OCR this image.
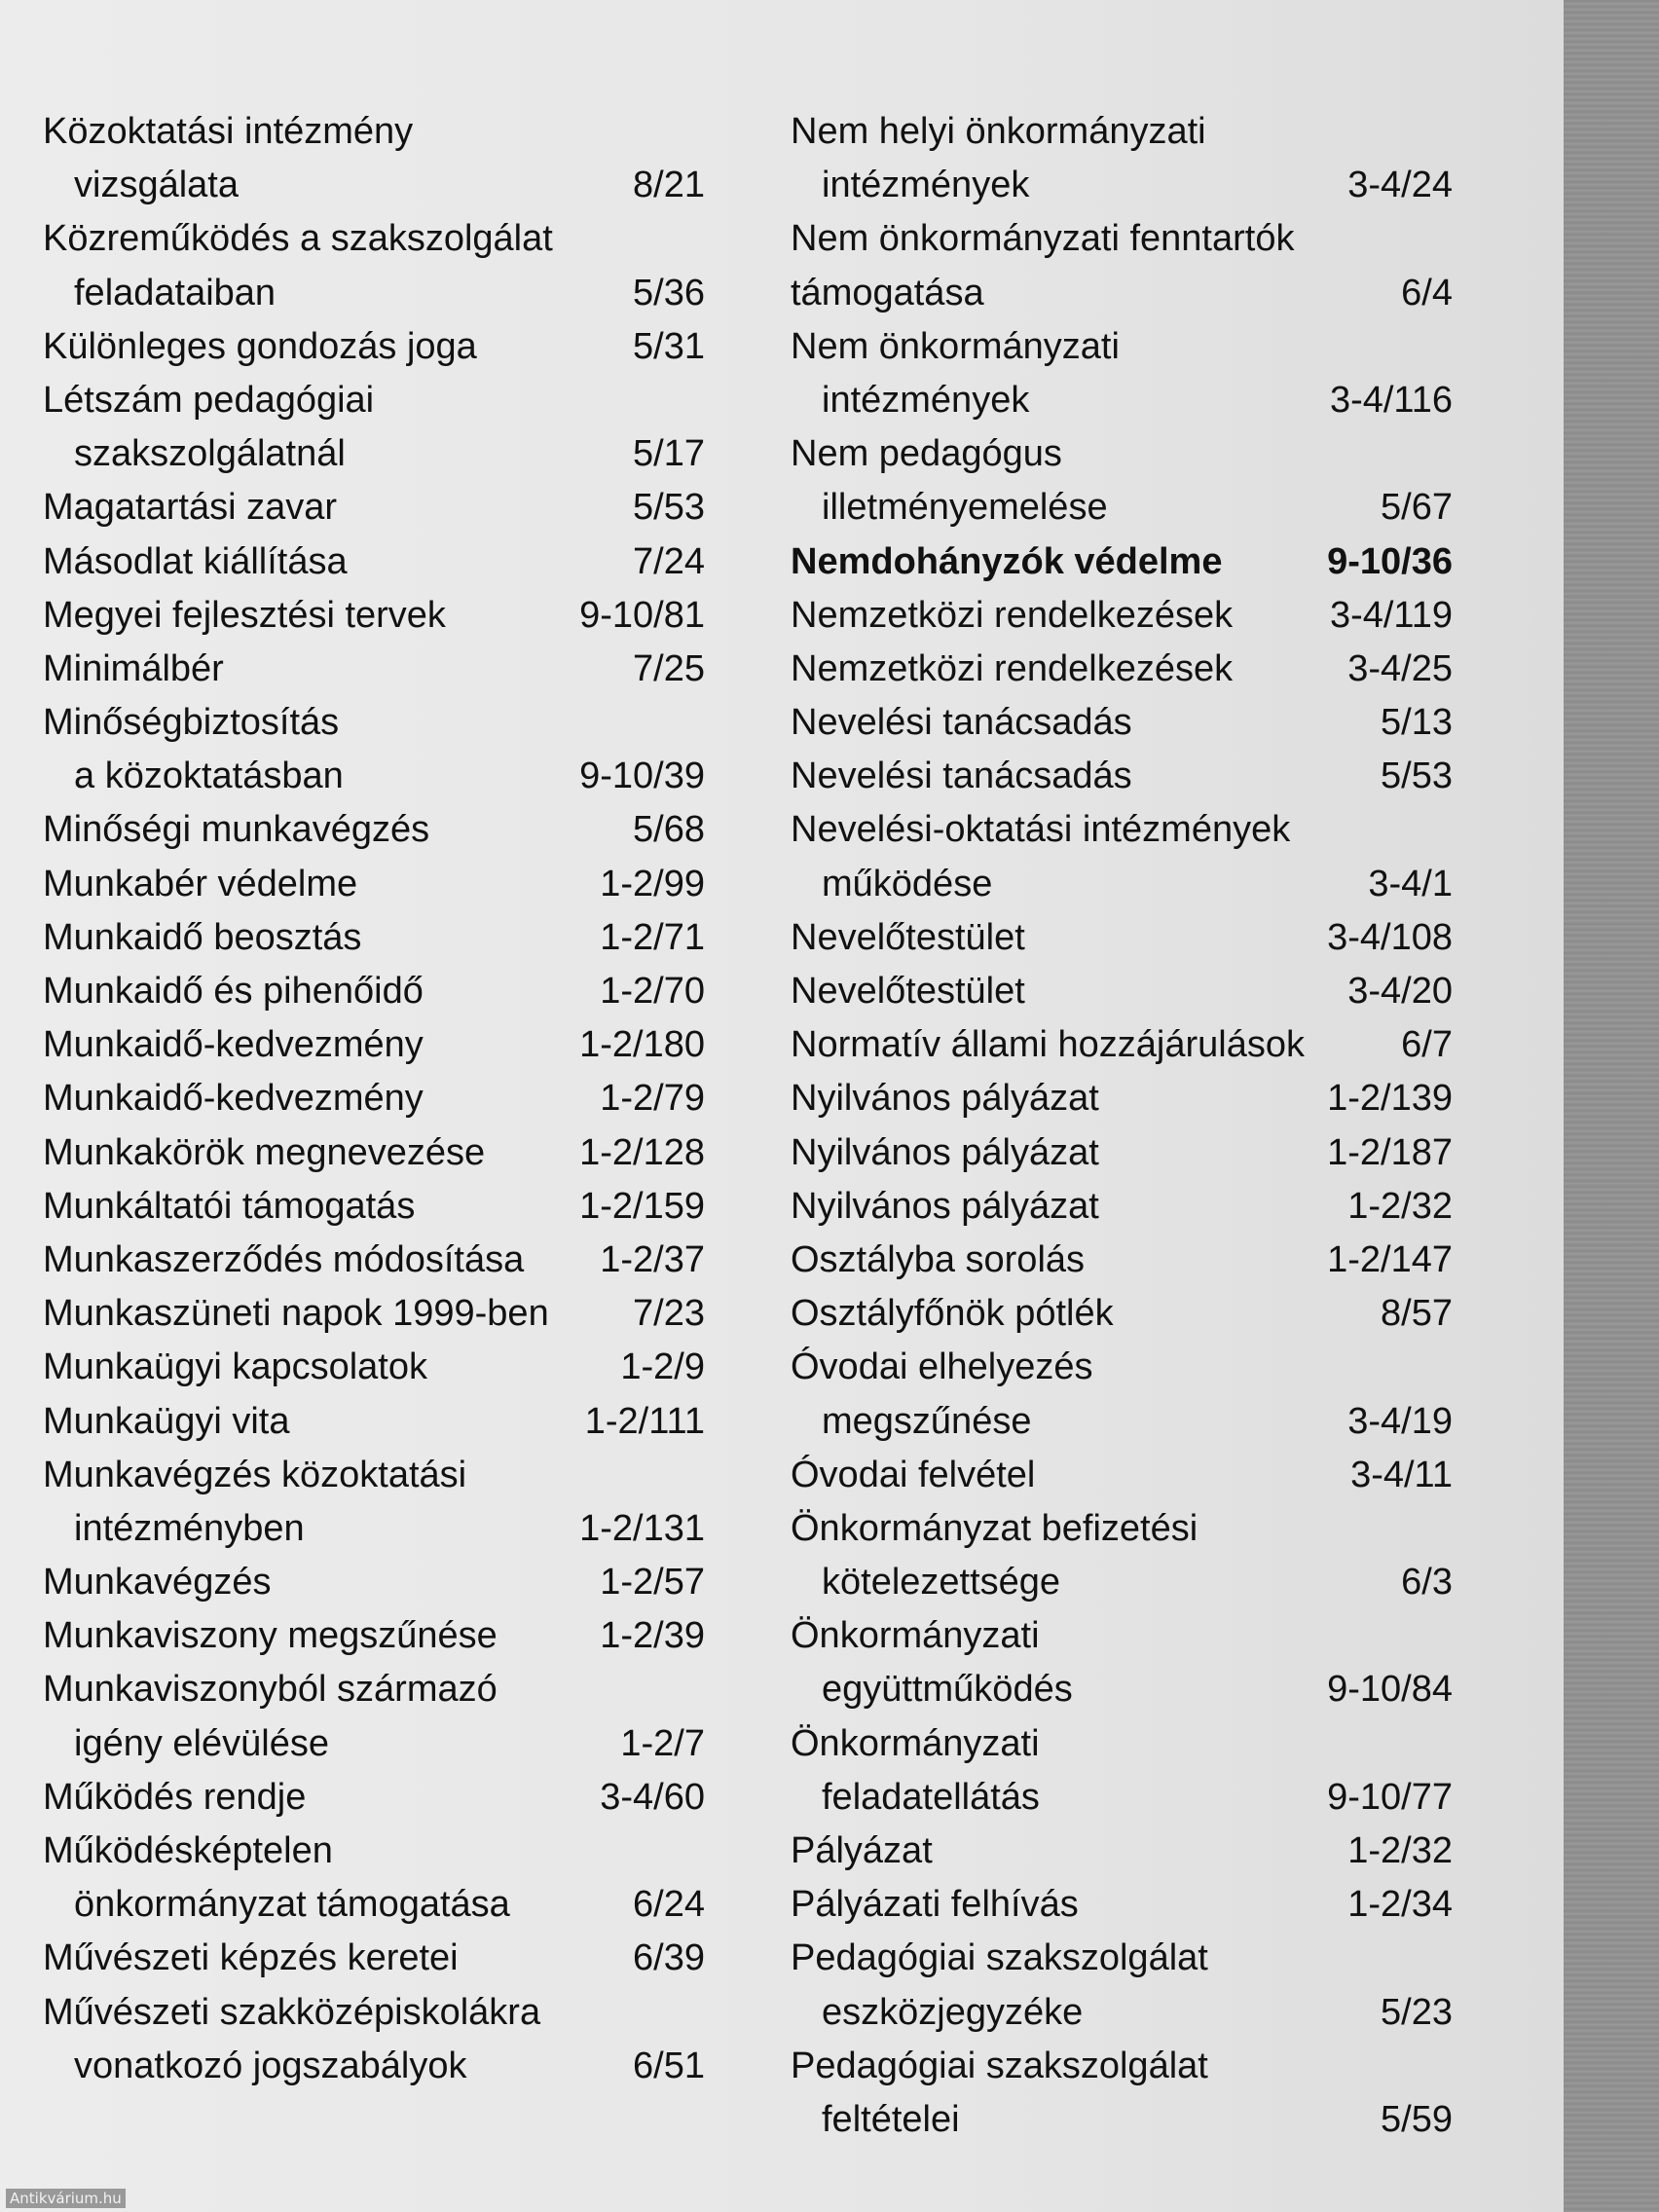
Közoktatási intézmény
vizsgálata	8/21
Közreműködés a szakszolgálat
feladataiban	5/36
Különleges gondozás joga	5/31
Létszám pedagógiai
szakszolgálatnál	5/17
Magatartási zavar	5/53
Másodlat kiállítása	7/24
Megyei fejlesztési tervek	9-10/81
Minimálbér	7/25
Minőségbiztosítás
a közoktatásban	9-10/39
Minőségi munkavégzés	5/68
Munkabér védelme	1-2/99
Munkaidő beosztás	1-2/71
Munkaidő és pihenőidő	1-2/70
Munkaidő-kedvezmény	1-2/180
Munkaidő-kedvezmény	1-2/79
Munkakörök megnevezése	1-2/128
Munkáltatói támogatás	1-2/159
Munkaszerződés módosítása 1-2/37
Munkaszüneti napok 1999-ben 7/23
Munkaügyi kapcsolatok	1-2/9
Munkaügyi vita	1-2/111
Munkavégzés közoktatási
intézményben	1-2/131
Munkavégzés	1-2/57
Munkaviszony megszűnése	1-2/39
Munkaviszonyból származó
igény elévülése	1-2/7
Működés rendje	3-4/60
Működésképtelen
önkormányzat támogatása	6/24
Művészeti képzés keretei	6/39
Művészeti szakközépiskolákra
vonatkozó jogszabályok	6/51
Nem helyi önkormányzati
intézmények	3-4/24
Nem önkormányzati fenntartók
támogatása	6/4
Nem önkormányzati
intézmények	3-4/116
Nem pedagógus
illetményemelése	5/67
Nemdohányzók védelme	9-10/36
Nemzetközi rendelkezések	3-4/119
Nemzetközi rendelkezések	3-4/25
Nevelési tanácsadás	5/13
Nevelési tanácsadás	5/53
Nevelési-oktatási intézmények
működése	3-4/1
Nevelőtestület	3-4/108
Nevelőtestület	3-4/20
Normatív állami hozzájárulások	6/7
Nyilvános pályázat	1-2/139
Nyilvános pályázat	1-2/187
Nyilvános pályázat	1-2/32
Osztályba sorolás	1-2/147
Osztályfőnök pótlék	8/57
Óvodai elhelyezés
megszűnése	3-4/19
Óvodai felvétel	3-4/11
Önkormányzat befizetési
kötelezettsége	6/3
Önkormányzati
együttműködés	9-10/84
Önkormányzati
feladatellátás	9-10/77
Pályázat	1-2/32
Pályázati felhívás	1-2/34
Pedagógiai szakszolgálat
eszközjegyzéke	5/23
Pedagógiai szakszolgálat
feltételei	5/59
Antikvárium.hu
